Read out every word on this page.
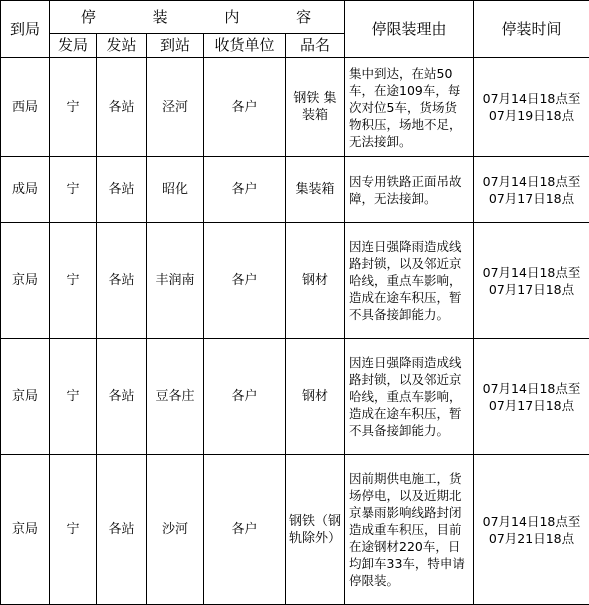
到局	停 装 内 容					停限装理由	停装时间
	发局	发站	到站	收货单位	品名		
西局	宁	各站	泾河	各户	钢铁 集装箱	集中到达，在站50车，在途109车，每次对位5车，货场货物积压，场地不足，无法接卸。	07月14日18点至07月19日18点
成局	宁	各站	昭化	各户	集装箱	因专用铁路正面吊故障，无法接卸。	07月14日18点至07月17日18点
京局	宁	各站	丰润南	各户	钢材	因连日强降雨造成线路封锁，以及邻近京哈线，重点车影响，造成在途车积压，暂不具备接卸能力。	07月14日18点至07月17日18点
京局	宁	各站	豆各庄	各户	钢材	因连日强降雨造成线路封锁，以及邻近京哈线，重点车影响，造成在途车积压，暂不具备接卸能力。	07月14日18点至07月17日18点
京局	宁	各站	沙河	各户	钢铁（钢轨除外）	因前期供电施工，货场停电，以及近期北京暴雨影响线路封闭造成重车积压，目前在途钢材220车，日均卸车33车，特申请停限装。	07月14日18点至07月21日18点
